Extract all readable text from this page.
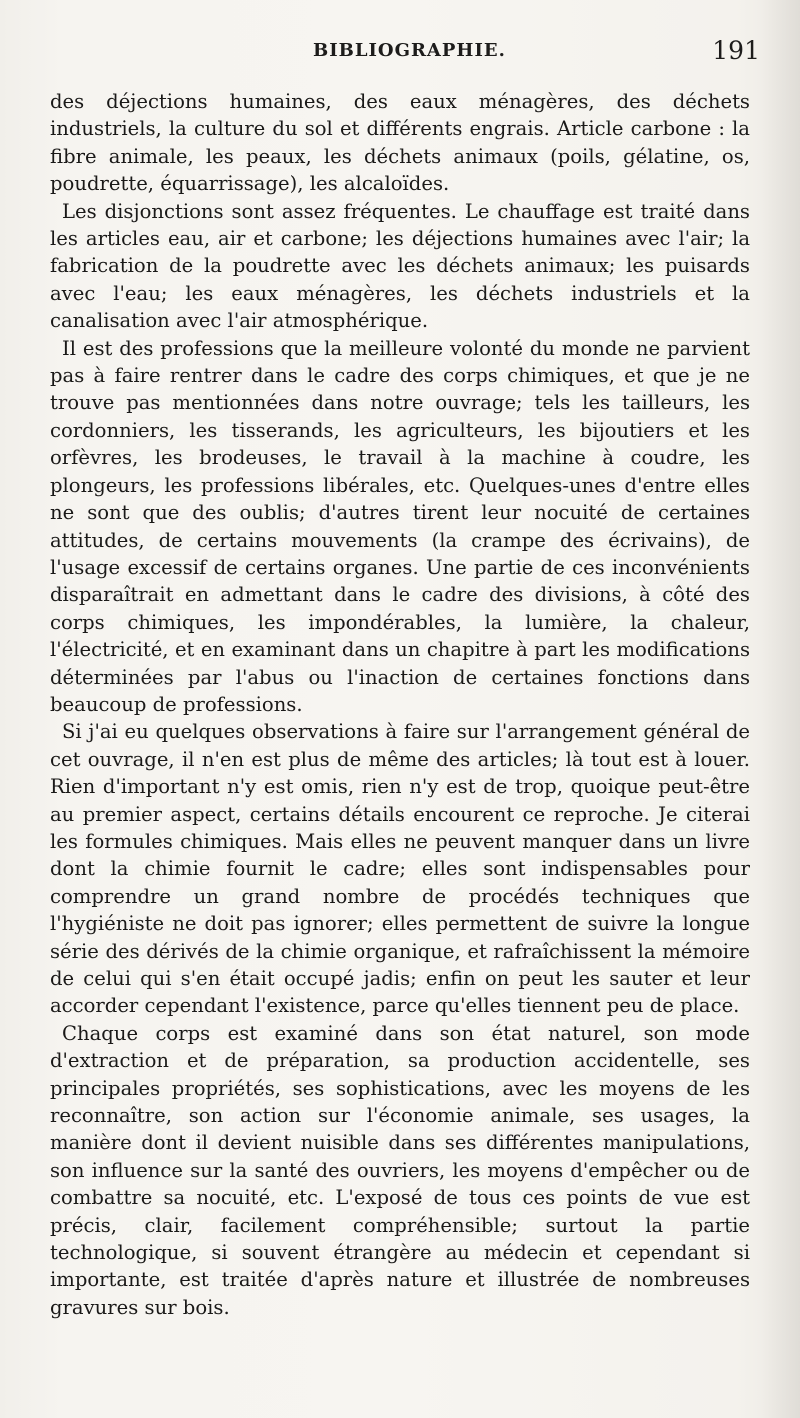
BIBLIOGRAPHIE.	191

des déjections humaines, des eaux ménagères, des déchets industriels, la culture du sol et différents engrais. Article carbone : la fibre animale, les peaux, les déchets animaux (poils, gélatine, os, poudrette, équarrissage), les alcaloïdes.

Les disjonctions sont assez fréquentes. Le chauffage est traité dans les articles eau, air et carbone; les déjections humaines avec l'air; la fabrication de la poudrette avec les déchets animaux; les puisards avec l'eau; les eaux ménagères, les déchets industriels et la canalisation avec l'air atmosphérique.

Il est des professions que la meilleure volonté du monde ne parvient pas à faire rentrer dans le cadre des corps chimiques, et que je ne trouve pas mentionnées dans notre ouvrage; tels les tailleurs, les cordonniers, les tisserands, les agriculteurs, les bijoutiers et les orfèvres, les brodeuses, le travail à la machine à coudre, les plongeurs, les professions libérales, etc. Quelques-unes d'entre elles ne sont que des oublis; d'autres tirent leur nocuité de certaines attitudes, de certains mouvements (la crampe des écrivains), de l'usage excessif de certains organes. Une partie de ces inconvénients disparaîtrait en admettant dans le cadre des divisions, à côté des corps chimiques, les impondérables, la lumière, la chaleur, l'électricité, et en examinant dans un chapitre à part les modifications déterminées par l'abus ou l'inaction de certaines fonctions dans beaucoup de professions.

Si j'ai eu quelques observations à faire sur l'arrangement général de cet ouvrage, il n'en est plus de même des articles; là tout est à louer. Rien d'important n'y est omis, rien n'y est de trop, quoique peut-être au premier aspect, certains détails encourent ce reproche. Je citerai les formules chimiques. Mais elles ne peuvent manquer dans un livre dont la chimie fournit le cadre; elles sont indispensables pour comprendre un grand nombre de procédés techniques que l'hygiéniste ne doit pas ignorer; elles permettent de suivre la longue série des dérivés de la chimie organique, et rafraîchissent la mémoire de celui qui s'en était occupé jadis; enfin on peut les sauter et leur accorder cependant l'existence, parce qu'elles tiennent peu de place.

Chaque corps est examiné dans son état naturel, son mode d'extraction et de préparation, sa production accidentelle, ses principales propriétés, ses sophistications, avec les moyens de les reconnaître, son action sur l'économie animale, ses usages, la manière dont il devient nuisible dans ses différentes manipulations, son influence sur la santé des ouvriers, les moyens d'empêcher ou de combattre sa nocuité, etc. L'exposé de tous ces points de vue est précis, clair, facilement compréhensible; surtout la partie technologique, si souvent étrangère au médecin et cependant si importante, est traitée d'après nature et illustrée de nombreuses gravures sur bois.
